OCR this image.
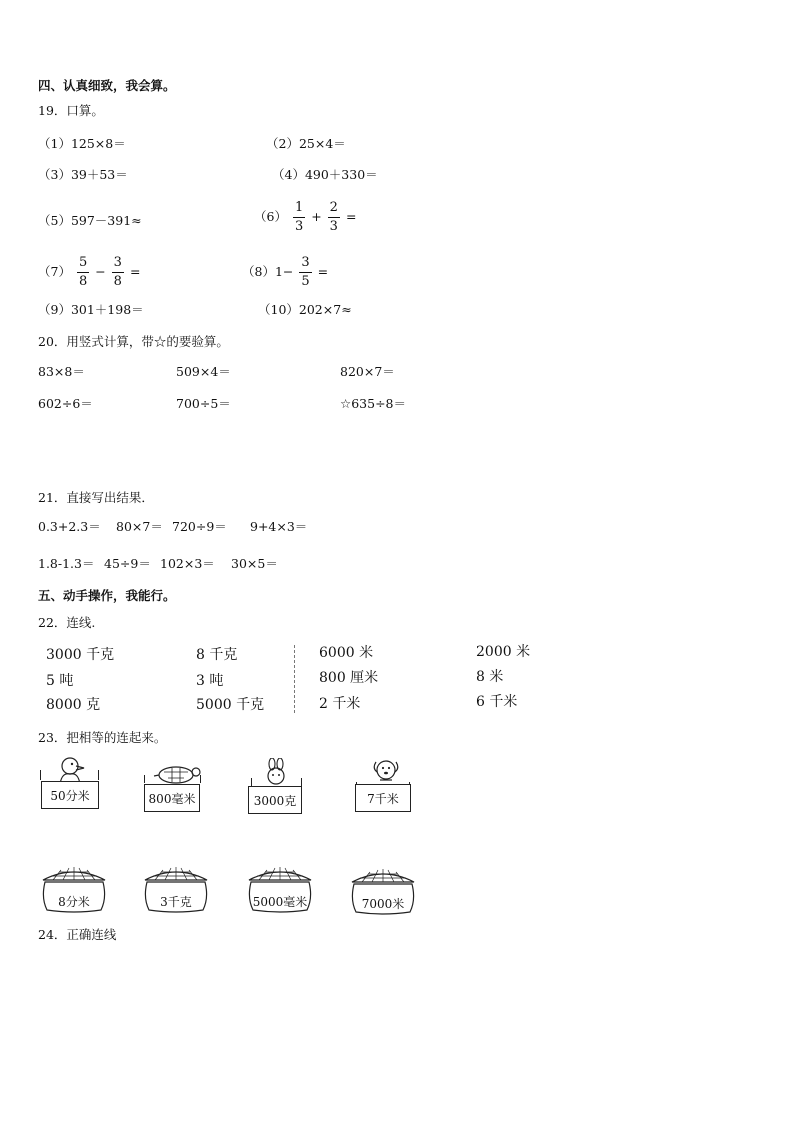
四、认真细致，我会算。
19．口算。
（1）125×8＝	（2）25×4＝
（3）39＋53＝	（4）490＋330＝
（5）597－391≈	$(6) \frac{1}{3} + \frac{2}{3}$ =
$(7) \frac{5}{8} - \frac{3}{8}$ =	$(8)1- \frac{3}{5}$ =
（9）301＋198＝	（10）202×7≈
20．用竖式计算，带☆的要验算。
83×8＝	509×4＝	820×7＝
602÷6＝	700÷5＝	☆635÷8＝
21．直接写出结果．
0.3+2.3＝ 80×7＝ 720÷9＝ 9+4×3＝
1.8-1.3＝ 45÷9＝ 102×3＝ 30×5＝
五、动手操作，我能行。
22．连线.
3000 千克
5 吨
8000 克
8 千克
3 吨
5000 千克
6000 米
800 厘米
2 千米
2000 米
8 米
6 千米
23．把相等的连起来。
50分米	800毫米	3000克	7千米
8分米	3千克	5000毫米	7000米
24．正确连线
